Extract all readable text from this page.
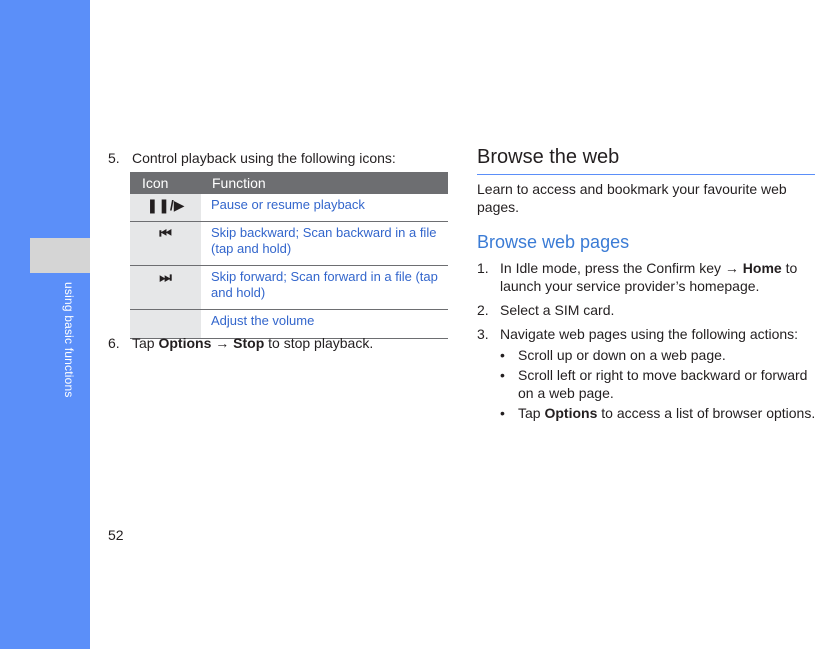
using basic functions
5. Control playback using the following icons:
Icon	Function
❚❚/▶	Pause or resume playback
⏮	Skip backward; Scan backward in a file (tap and hold)
⏭	Skip forward; Scan forward in a file (tap and hold)
	Adjust the volume
6. Tap Options → Stop to stop playback.
Browse the web
Learn to access and bookmark your favourite web pages.
Browse web pages
1. In Idle mode, press the Confirm key → Home to launch your service provider’s homepage.
2. Select a SIM card.
3. Navigate web pages using the following actions:
• Scroll up or down on a web page.
• Scroll left or right to move backward or forward on a web page.
• Tap Options to access a list of browser options.
52
